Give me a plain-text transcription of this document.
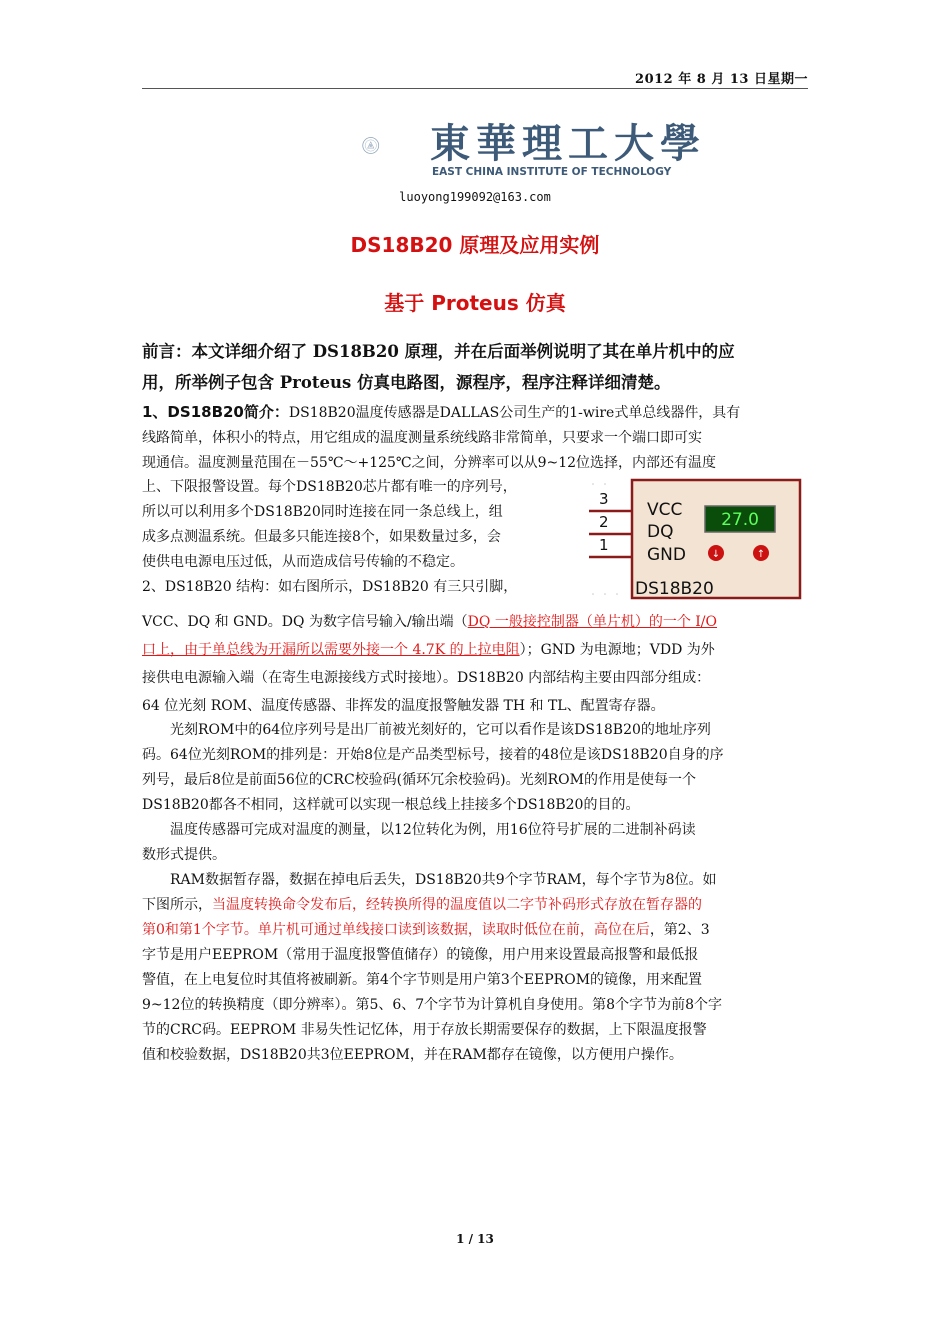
2012 年 8 月 13 日星期一
東華理工大學
EAST CHINA INSTITUTE OF TECHNOLOGY
luoyong199092@163.com
DS18B20 原理及应用实例
基于 Proteus 仿真
前言：本文详细介绍了 DS18B20 原理，并在后面举例说明了其在单片机中的应
用，所举例子包含 Proteus 仿真电路图，源程序，程序注释详细清楚。
1、DS18B20简介：DS18B20温度传感器是DALLAS公司生产的1-wire式单总线器件，具有
线路简单，体积小的特点，用它组成的温度测量系统线路非常简单，只要求一个端口即可实
现通信。温度测量范围在－55℃～+125℃之间，分辨率可以从9~12位选择，内部还有温度
上、下限报警设置。每个DS18B20芯片都有唯一的序列号，
所以可以利用多个DS18B20同时连接在同一条总线上，组
成多点测温系统。但最多只能连接8个，如果数量过多，会
使供电电源电压过低，从而造成信号传输的不稳定。
2、DS18B20 结构：如右图所示，DS18B20 有三只引脚，
3
2
1
VCC
DQ
GND
27.0
↓	↑
DS18B20
VCC、DQ 和 GND。DQ 为数字信号输入/输出端（DQ 一般接控制器（单片机）的一个 I/O
口上，由于单总线为开漏所以需要外接一个 4.7K 的上拉电阻）；GND 为电源地；VDD 为外
接供电电源输入端（在寄生电源接线方式时接地）。DS18B20 内部结构主要由四部分组成：
64 位光刻 ROM、温度传感器、非挥发的温度报警触发器 TH 和 TL、配置寄存器。
光刻ROM中的64位序列号是出厂前被光刻好的，它可以看作是该DS18B20的地址序列
码。64位光刻ROM的排列是：开始8位是产品类型标号，接着的48位是该DS18B20自身的序
列号，最后8位是前面56位的CRC校验码(循环冗余校验码)。光刻ROM的作用是使每一个
DS18B20都各不相同，这样就可以实现一根总线上挂接多个DS18B20的目的。
温度传感器可完成对温度的测量，以12位转化为例，用16位符号扩展的二进制补码读
数形式提供。
RAM数据暂存器，数据在掉电后丢失，DS18B20共9个字节RAM，每个字节为8位。如
下图所示，当温度转换命令发布后，经转换所得的温度值以二字节补码形式存放在暂存器的
第0和第1个字节。单片机可通过单线接口读到该数据，读取时低位在前，高位在后，第2、3
字节是用户EEPROM（常用于温度报警值储存）的镜像，用户用来设置最高报警和最低报
警值，在上电复位时其值将被刷新。第4个字节则是用户第3个EEPROM的镜像，用来配置
9~12位的转换精度（即分辨率）。第5、6、7个字节为计算机自身使用。第8个字节为前8个字
节的CRC码。EEPROM 非易失性记忆体，用于存放长期需要保存的数据，上下限温度报警
值和校验数据，DS18B20共3位EEPROM，并在RAM都存在镜像，以方便用户操作。
1 / 13
